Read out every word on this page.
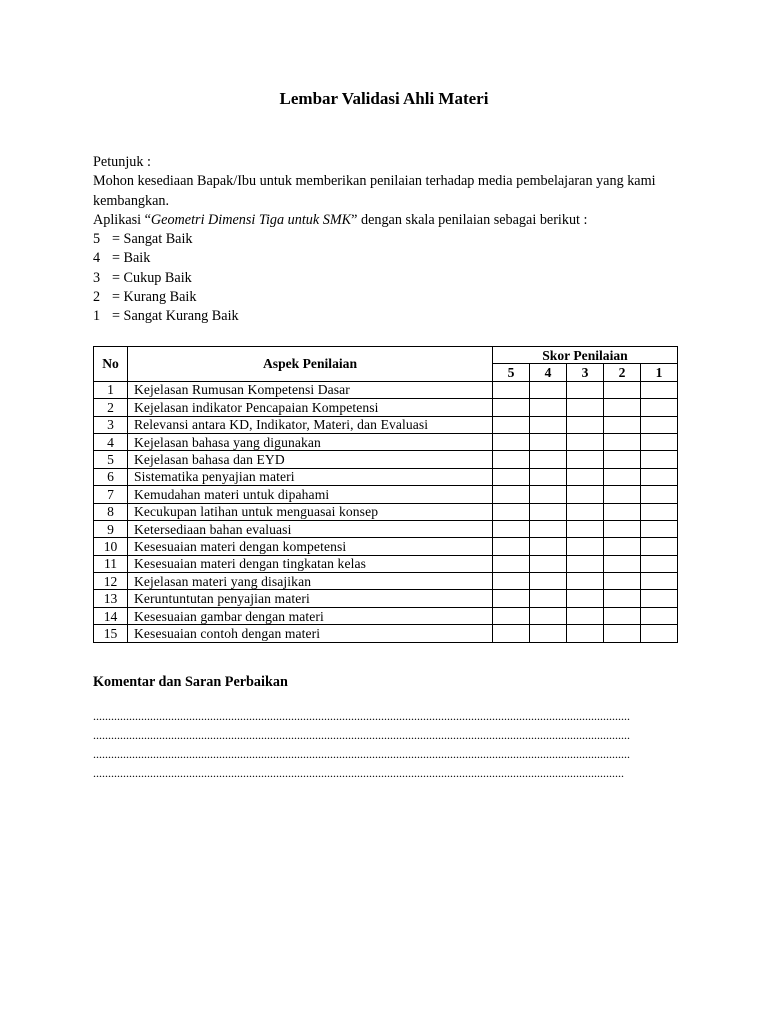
Lembar Validasi Ahli Materi
Petunjuk :
Mohon kesediaan Bapak/Ibu untuk memberikan penilaian terhadap media pembelajaran yang kami kembangkan.
Aplikasi “Geometri Dimensi Tiga untuk SMK” dengan skala penilaian sebagai berikut :
5 = Sangat Baik
4 = Baik
3 = Cukup Baik
2 = Kurang Baik
1 = Sangat Kurang Baik
No	Aspek Penilaian	Skor Penilaian				
		5	4	3	2	1
1	Kejelasan Rumusan Kompetensi Dasar					
2	Kejelasan indikator Pencapaian Kompetensi					
3	Relevansi antara KD, Indikator, Materi, dan Evaluasi					
4	Kejelasan bahasa yang digunakan					
5	Kejelasan bahasa dan EYD					
6	Sistematika penyajian materi					
7	Kemudahan materi untuk dipahami					
8	Kecukupan latihan untuk menguasai konsep					
9	Ketersediaan bahan evaluasi					
10	Kesesuaian materi dengan kompetensi					
11	Kesesuaian materi dengan tingkatan kelas					
12	Kejelasan materi yang disajikan					
13	Keruntuntutan penyajian materi					
14	Kesesuaian gambar dengan materi					
15	Kesesuaian contoh dengan materi					
Komentar dan Saran Perbaikan
...................................................................................................................................................................................
...................................................................................................................................................................................
...................................................................................................................................................................................
.................................................................................................................................................................................
